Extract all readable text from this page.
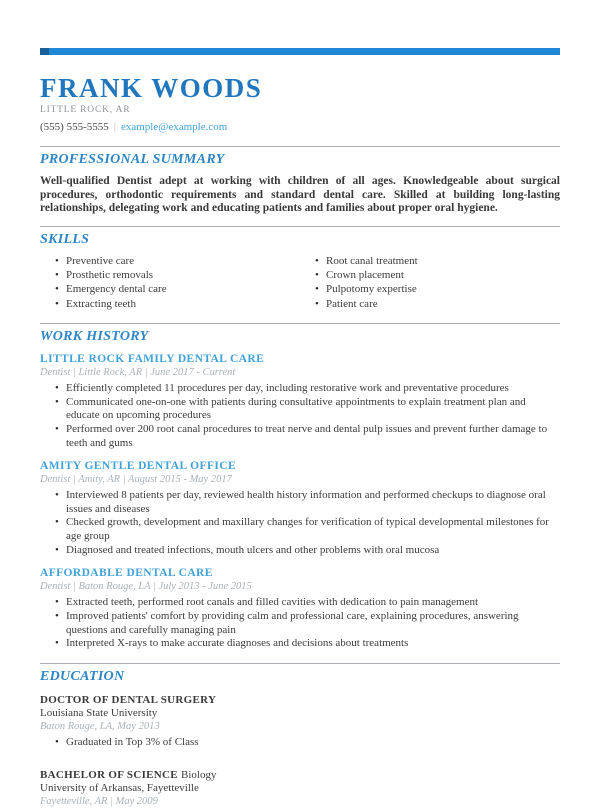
FRANK WOODS
LITTLE ROCK, AR
(555) 555-5555 | example@example.com
PROFESSIONAL SUMMARY

Well-qualified Dentist adept at working with children of all ages. Knowledgeable about surgical procedures, orthodontic requirements and standard dental care. Skilled at building long-lasting relationships, delegating work and educating patients and families about proper oral hygiene.

SKILLS
• Preventive care
• Prosthetic removals
• Emergency dental care
• Extracting teeth
• Root canal treatment
• Crown placement
• Pulpotomy expertise
• Patient care
WORK HISTORY
LITTLE ROCK FAMILY DENTAL CARE
Dentist | Little Rock, AR | June 2017 - Current
• Efficiently completed 11 procedures per day, including restorative work and preventative procedures
• Communicated one-on-one with patients during consultative appointments to explain treatment plan and educate on upcoming procedures
• Performed over 200 root canal procedures to treat nerve and dental pulp issues and prevent further damage to teeth and gums
AMITY GENTLE DENTAL OFFICE
Dentist | Amity, AR | August 2015 - May 2017
• Interviewed 8 patients per day, reviewed health history information and performed checkups to diagnose oral issues and diseases
• Checked growth, development and maxillary changes for verification of typical developmental milestones for age group
• Diagnosed and treated infections, mouth ulcers and other problems with oral mucosa
AFFORDABLE DENTAL CARE
Dentist | Baton Rouge, LA | July 2013 - June 2015
• Extracted teeth, performed root canals and filled cavities with dedication to pain management
• Improved patients' comfort by providing calm and professional care, explaining procedures, answering questions and carefully managing pain
• Interpreted X-rays to make accurate diagnoses and decisions about treatments
EDUCATION
DOCTOR OF DENTAL SURGERY
Louisiana State University
Baton Rouge, LA, May 2013
• Graduated in Top 3% of Class
BACHELOR OF SCIENCE Biology
University of Arkansas, Fayetteville
Fayetteville, AR | May 2009
